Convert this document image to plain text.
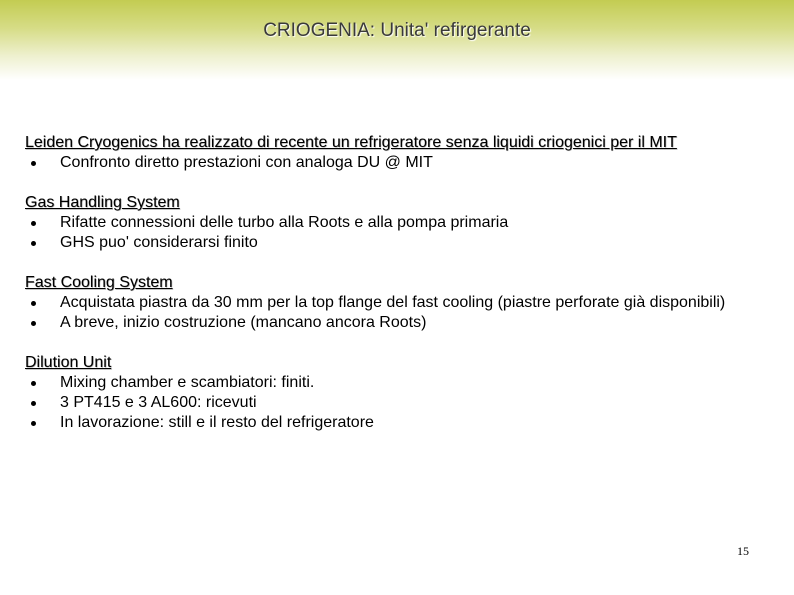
CRIOGENIA: Unita' refirgerante
Leiden Cryogenics ha realizzato di recente un refrigeratore senza liquidi criogenici per il MIT
Confronto diretto prestazioni con analoga DU @ MIT
Gas Handling System
Rifatte connessioni delle turbo alla Roots e alla pompa primaria
GHS puo' considerarsi finito
Fast Cooling System
Acquistata piastra da 30 mm per la top flange del fast cooling (piastre perforate già disponibili)
A breve, inizio costruzione (mancano ancora Roots)
Dilution Unit
Mixing chamber e scambiatori: finiti.
3 PT415 e 3 AL600: ricevuti
In lavorazione: still e il resto del refrigeratore
15
